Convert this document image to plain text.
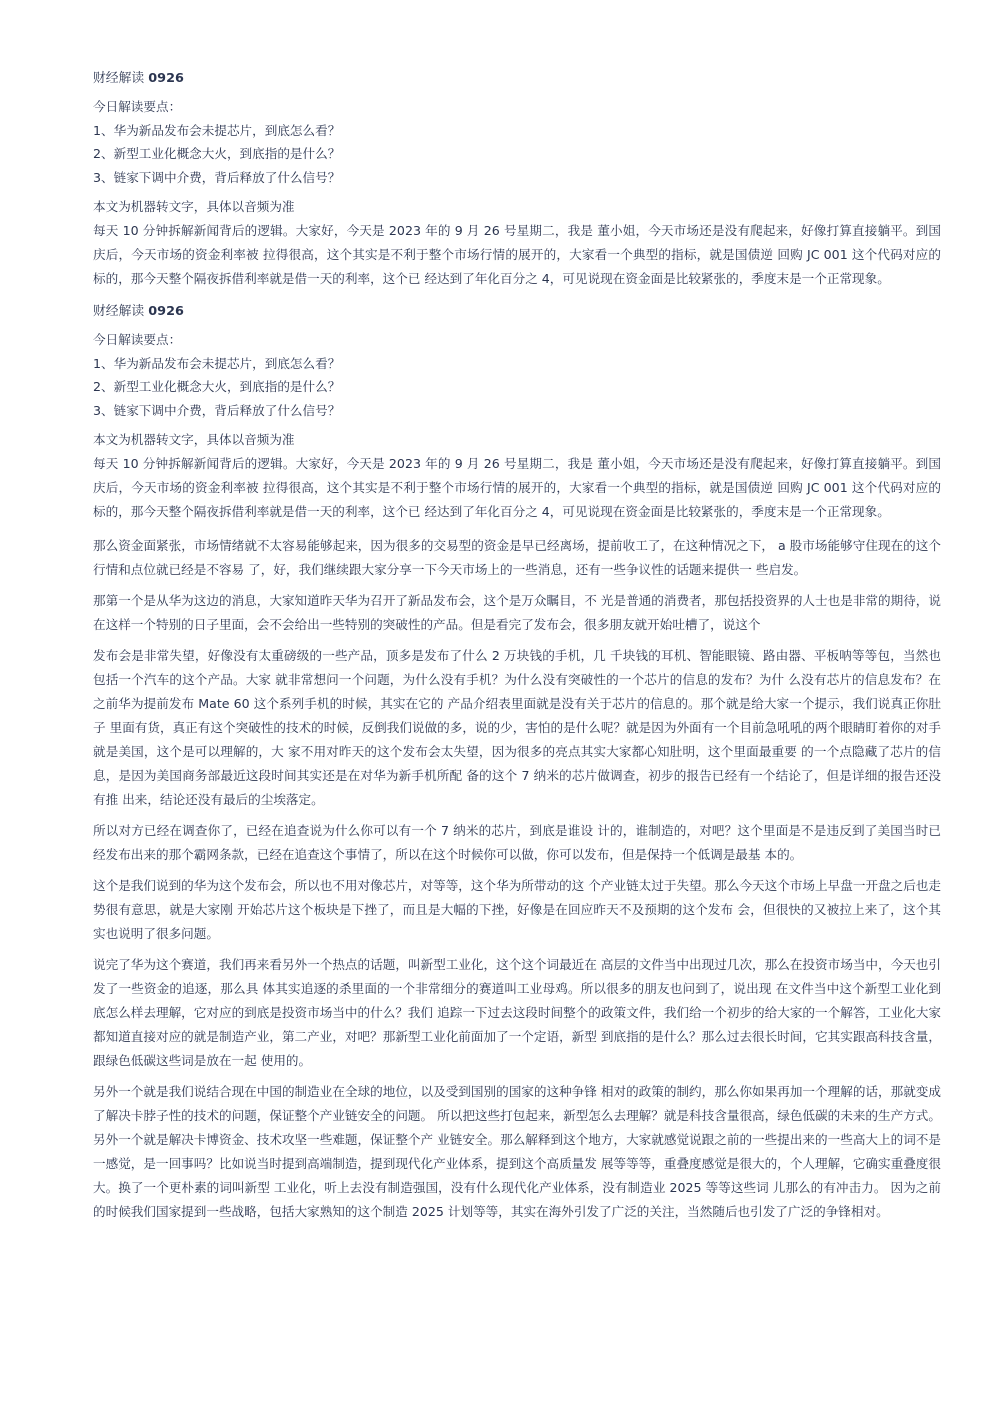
财经解读 0926
今日解读要点：
1、华为新品发布会未提芯片，到底怎么看？
2、新型工业化概念大火，到底指的是什么？
3、链家下调中介费，背后释放了什么信号？
本文为机器转文字，具体以音频为准
每天 10 分钟拆解新闻背后的逻辑。大家好，今天是 2023 年的 9 月 26 号星期二，我是 董小姐，今天市场还是没有爬起来，好像打算直接躺平。到国庆后，今天市场的资金利率被 拉得很高，这个其实是不利于整个市场行情的展开的，大家看一个典型的指标，就是国债逆 回购 JC 001 这个代码对应的标的，那今天整个隔夜拆借利率就是借一天的利率，这个已 经达到了年化百分之 4，可见说现在资金面是比较紧张的，季度末是一个正常现象。
财经解读 0926
今日解读要点：
1、华为新品发布会未提芯片，到底怎么看？
2、新型工业化概念大火，到底指的是什么？
3、链家下调中介费，背后释放了什么信号？
本文为机器转文字，具体以音频为准
每天 10 分钟拆解新闻背后的逻辑。大家好，今天是 2023 年的 9 月 26 号星期二，我是 董小姐，今天市场还是没有爬起来，好像打算直接躺平。到国庆后，今天市场的资金利率被 拉得很高，这个其实是不利于整个市场行情的展开的，大家看一个典型的指标，就是国债逆 回购 JC 001 这个代码对应的标的，那今天整个隔夜拆借利率就是借一天的利率，这个已 经达到了年化百分之 4，可见说现在资金面是比较紧张的，季度末是一个正常现象。
那么资金面紧张，市场情绪就不太容易能够起来，因为很多的交易型的资金是早已经离场，提前收工了，在这种情况之下， a 股市场能够守住现在的这个行情和点位就已经是不容易 了，好，我们继续跟大家分享一下今天市场上的一些消息，还有一些争议性的话题来提供一 些启发。
那第一个是从华为这边的消息，大家知道昨天华为召开了新品发布会，这个是万众瞩目，不 光是普通的消费者，那包括投资界的人士也是非常的期待，说在这样一个特别的日子里面，会不会给出一些特别的突破性的产品。但是看完了发布会，很多朋友就开始吐槽了，说这个
发布会是非常失望，好像没有太重磅级的一些产品，顶多是发布了什么 2 万块钱的手机，几 千块钱的耳机、智能眼镜、路由器、平板呐等等包，当然也包括一个汽车的这个产品。大家 就非常想问一个问题，为什么没有手机？为什么没有突破性的一个芯片的信息的发布？为什 么没有芯片的信息发布？在之前华为提前发布 Mate 60 这个系列手机的时候，其实在它的 产品介绍表里面就是没有关于芯片的信息的。那个就是给大家一个提示，我们说真正你肚子 里面有货，真正有这个突破性的技术的时候，反倒我们说做的多，说的少，害怕的是什么呢？就是因为外面有一个目前急吼吼的两个眼睛盯着你的对手就是美国，这个是可以理解的，大 家不用对昨天的这个发布会太失望，因为很多的亮点其实大家都心知肚明，这个里面最重要 的一个点隐藏了芯片的信息，是因为美国商务部最近这段时间其实还是在对华为新手机所配 备的这个 7 纳米的芯片做调查，初步的报告已经有一个结论了，但是详细的报告还没有推 出来，结论还没有最后的尘埃落定。
所以对方已经在调查你了，已经在追查说为什么你可以有一个 7 纳米的芯片，到底是谁设 计的，谁制造的，对吧？这个里面是不是违反到了美国当时已经发布出来的那个霸网条款，已经在追查这个事情了，所以在这个时候你可以做，你可以发布，但是保持一个低调是最基 本的。
这个是我们说到的华为这个发布会，所以也不用对像芯片，对等等，这个华为所带动的这 个产业链太过于失望。那么今天这个市场上早盘一开盘之后也走势很有意思，就是大家刚 开始芯片这个板块是下挫了，而且是大幅的下挫，好像是在回应昨天不及预期的这个发布 会，但很快的又被拉上来了，这个其实也说明了很多问题。
说完了华为这个赛道，我们再来看另外一个热点的话题，叫新型工业化，这个这个词最近在 高层的文件当中出现过几次，那么在投资市场当中，今天也引发了一些资金的追逐，那么具 体其实追逐的杀里面的一个非常细分的赛道叫工业母鸡。所以很多的朋友也问到了，说出现 在文件当中这个新型工业化到底怎么样去理解，它对应的到底是投资市场当中的什么？我们 追踪一下过去这段时间整个的政策文件，我们给一个初步的给大家的一个解答，工业化大家 都知道直接对应的就是制造产业，第二产业，对吧？那新型工业化前面加了一个定语，新型 到底指的是什么？那么过去很长时间，它其实跟高科技含量，跟绿色低碳这些词是放在一起 使用的。
另外一个就是我们说结合现在中国的制造业在全球的地位，以及受到国别的国家的这种争锋 相对的政策的制约，那么你如果再加一个理解的话，那就变成了解决卡脖子性的技术的问题，保证整个产业链安全的问题。 所以把这些打包起来，新型怎么去理解？就是科技含量很高，绿色低碳的未来的生产方式。另外一个就是解决卡博资金、技术攻坚一些难题，保证整个产 业链安全。那么解释到这个地方，大家就感觉说跟之前的一些提出来的一些高大上的词不是 一感觉，是一回事吗？比如说当时提到高端制造，提到现代化产业体系，提到这个高质量发 展等等等，重叠度感觉是很大的，个人理解，它确实重叠度很大。换了一个更朴素的词叫新型 工业化，听上去没有制造强国，没有什么现代化产业体系，没有制造业 2025 等等这些词 儿那么的有冲击力。 因为之前的时候我们国家提到一些战略，包括大家熟知的这个制造 2025 计划等等，其实在海外引发了广泛的关注，当然随后也引发了广泛的争锋相对。
